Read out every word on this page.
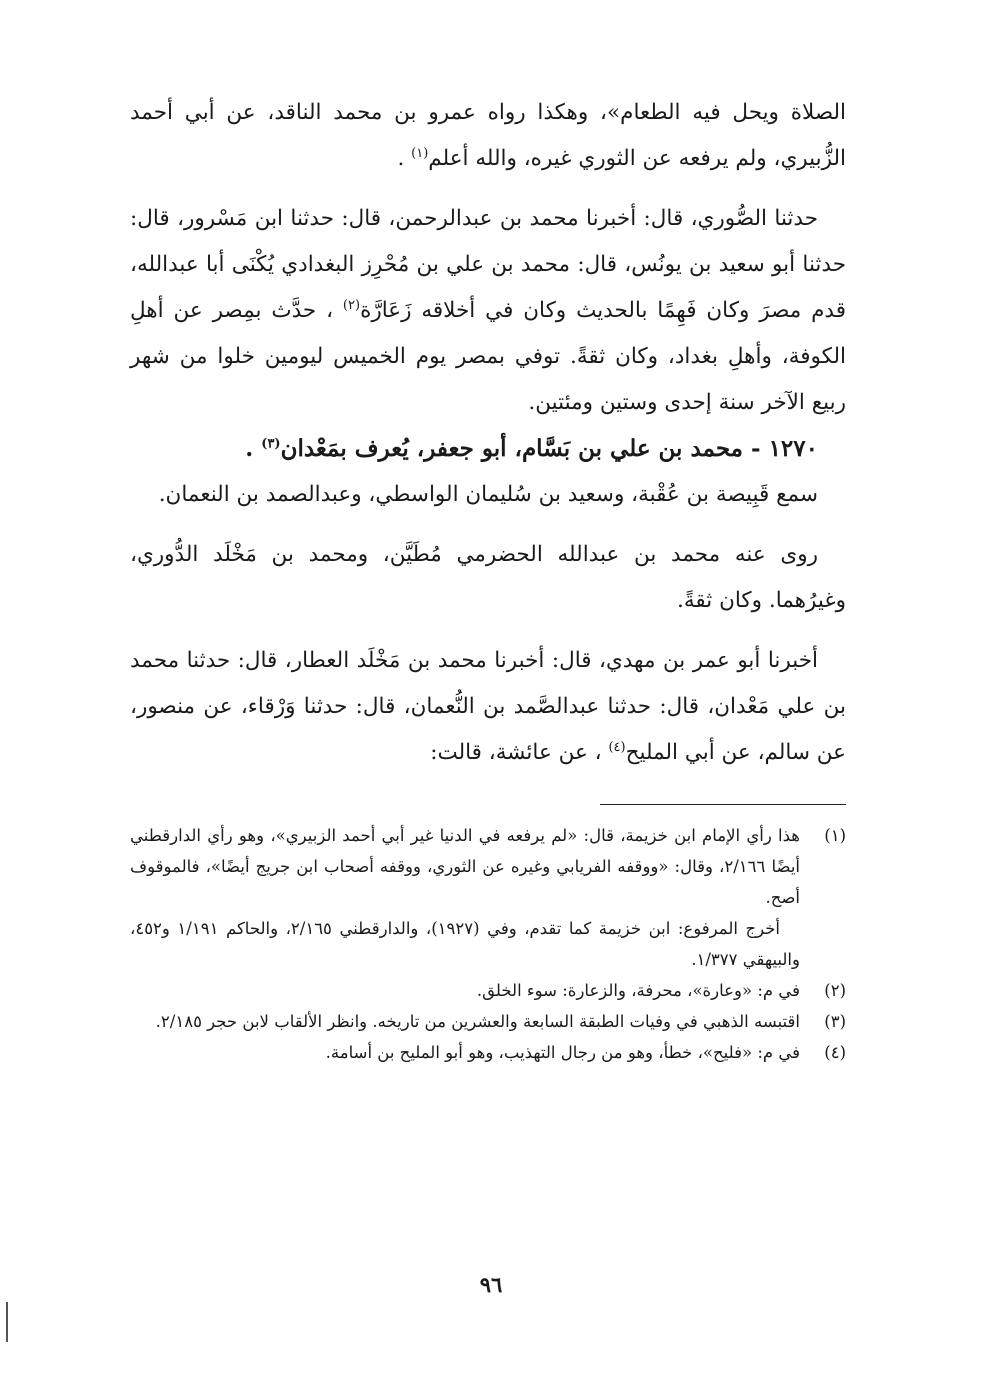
الصلاة ويحل فيه الطعام»، وهكذا رواه عمرو بن محمد الناقد، عن أبي أحمد الزُّبيري، ولم يرفعه عن الثوري غيره، والله أعلم$^{(١)}$ .

حدثنا الصُّوري، قال: أخبرنا محمد بن عبدالرحمن، قال: حدثنا ابن مَسْرور، قال: حدثنا أبو سعيد بن يونُس، قال: محمد بن علي بن مُحْرِز البغدادي يُكْنَى أبا عبدالله، قدم مصرَ وكان فَهِمًا بالحديث وكان في أخلاقه زَعَارَّة$^{(٢)}$ ، حدَّث بمِصر عن أهلِ الكوفة، وأهلِ بغداد، وكان ثقةً. توفي بمصر يوم الخميس ليومين خلوا من شهر ربيع الآخر سنة إحدى وستين ومئتين.

١٢٧٠ - محمد بن علي بن بَسَّام، أبو جعفر، يُعرف بمَعْدان$^{(٣)}$ .

سمع قَبِيصة بن عُقْبة، وسعيد بن سُليمان الواسطي، وعبدالصمد بن النعمان.

روى عنه محمد بن عبدالله الحضرمي مُطَيَّن، ومحمد بن مَخْلَد الدُّوري، وغيرُهما. وكان ثقةً.

أخبرنا أبو عمر بن مهدي، قال: أخبرنا محمد بن مَخْلَد العطار، قال: حدثنا محمد بن علي مَعْدان، قال: حدثنا عبدالصَّمد بن النُّعمان، قال: حدثنا وَرْقاء، عن منصور، عن سالم، عن أبي المليح$^{(٤)}$ ، عن عائشة، قالت:

(١)

هذا رأي الإمام ابن خزيمة، قال: «لم يرفعه في الدنيا غير أبي أحمد الزبيري»، وهو رأي الدارقطني أيضًا ٢/١٦٦، وقال: «ووقفه الفريابي وغيره عن الثوري، ووقفه أصحاب ابن جريج أيضًا»، فالموقوف أصح.

أخرج المرفوع: ابن خزيمة كما تقدم، وفي (١٩٢٧)، والدارقطني ٢/١٦٥، والحاكم ١/١٩١ و٤٥٢، والبيهقي ١/٣٧٧.

(٢)

في م: «وعارة»، محرفة، والزعارة: سوء الخلق.

(٣)

اقتبسه الذهبي في وفيات الطبقة السابعة والعشرين من تاريخه. وانظر الألقاب لابن حجر ٢/١٨٥.

(٤)

في م: «فليح»، خطأ، وهو من رجال التهذيب، وهو أبو المليح بن أسامة.

٩٦
